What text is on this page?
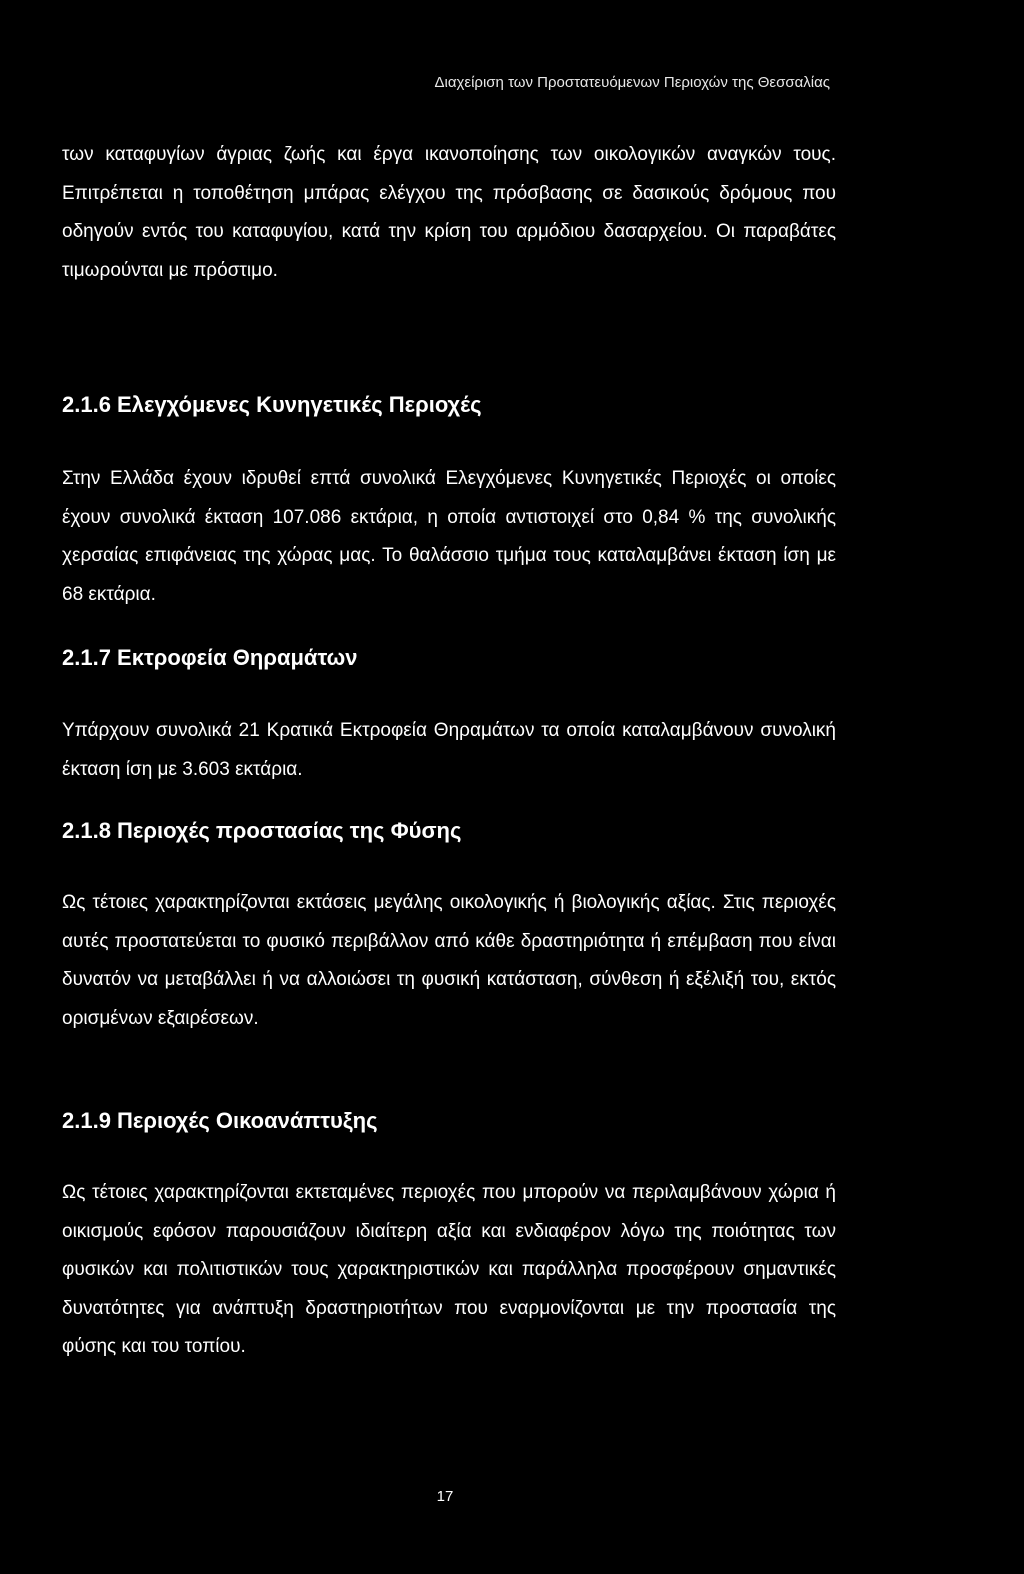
Διαχείριση των Προστατευόμενων Περιοχών της Θεσσαλίας

των καταφυγίων άγριας ζωής και έργα ικανοποίησης των οικολογικών αναγκών τους. Επιτρέπεται η τοποθέτηση μπάρας ελέγχου της πρόσβασης σε δασικούς δρόμους που οδηγούν εντός του καταφυγίου, κατά την κρίση του αρμόδιου δασαρχείου. Οι παραβάτες τιμωρούνται με πρόστιμο.

2.1.6 Ελεγχόμενες Κυνηγετικές Περιοχές

Στην Ελλάδα έχουν ιδρυθεί επτά συνολικά Ελεγχόμενες Κυνηγετικές Περιοχές οι οποίες έχουν συνολικά έκταση 107.086 εκτάρια, η οποία αντιστοιχεί στο 0,84 % της συνολικής χερσαίας επιφάνειας της χώρας μας. Το θαλάσσιο τμήμα τους καταλαμβάνει έκταση ίση με 68 εκτάρια.

2.1.7 Εκτροφεία Θηραμάτων

Υπάρχουν συνολικά 21 Κρατικά Εκτροφεία Θηραμάτων τα οποία καταλαμβάνουν συνολική έκταση ίση με 3.603 εκτάρια.

2.1.8 Περιοχές προστασίας της Φύσης

Ως τέτοιες χαρακτηρίζονται εκτάσεις μεγάλης οικολογικής ή βιολογικής αξίας. Στις περιοχές αυτές προστατεύεται το φυσικό περιβάλλον από κάθε δραστηριότητα ή επέμβαση που είναι δυνατόν να μεταβάλλει ή να αλλοιώσει τη φυσική κατάσταση, σύνθεση ή εξέλιξή του, εκτός ορισμένων εξαιρέσεων.

2.1.9 Περιοχές Οικοανάπτυξης

Ως τέτοιες χαρακτηρίζονται εκτεταμένες περιοχές που μπορούν να περιλαμβάνουν χώρια ή οικισμούς εφόσον παρουσιάζουν ιδιαίτερη αξία και ενδιαφέρον λόγω της ποιότητας των φυσικών και πολιτιστικών τους χαρακτηριστικών και παράλληλα προσφέρουν σημαντικές δυνατότητες για ανάπτυξη δραστηριοτήτων που εναρμονίζονται με την προστασία της φύσης και του τοπίου.

17
